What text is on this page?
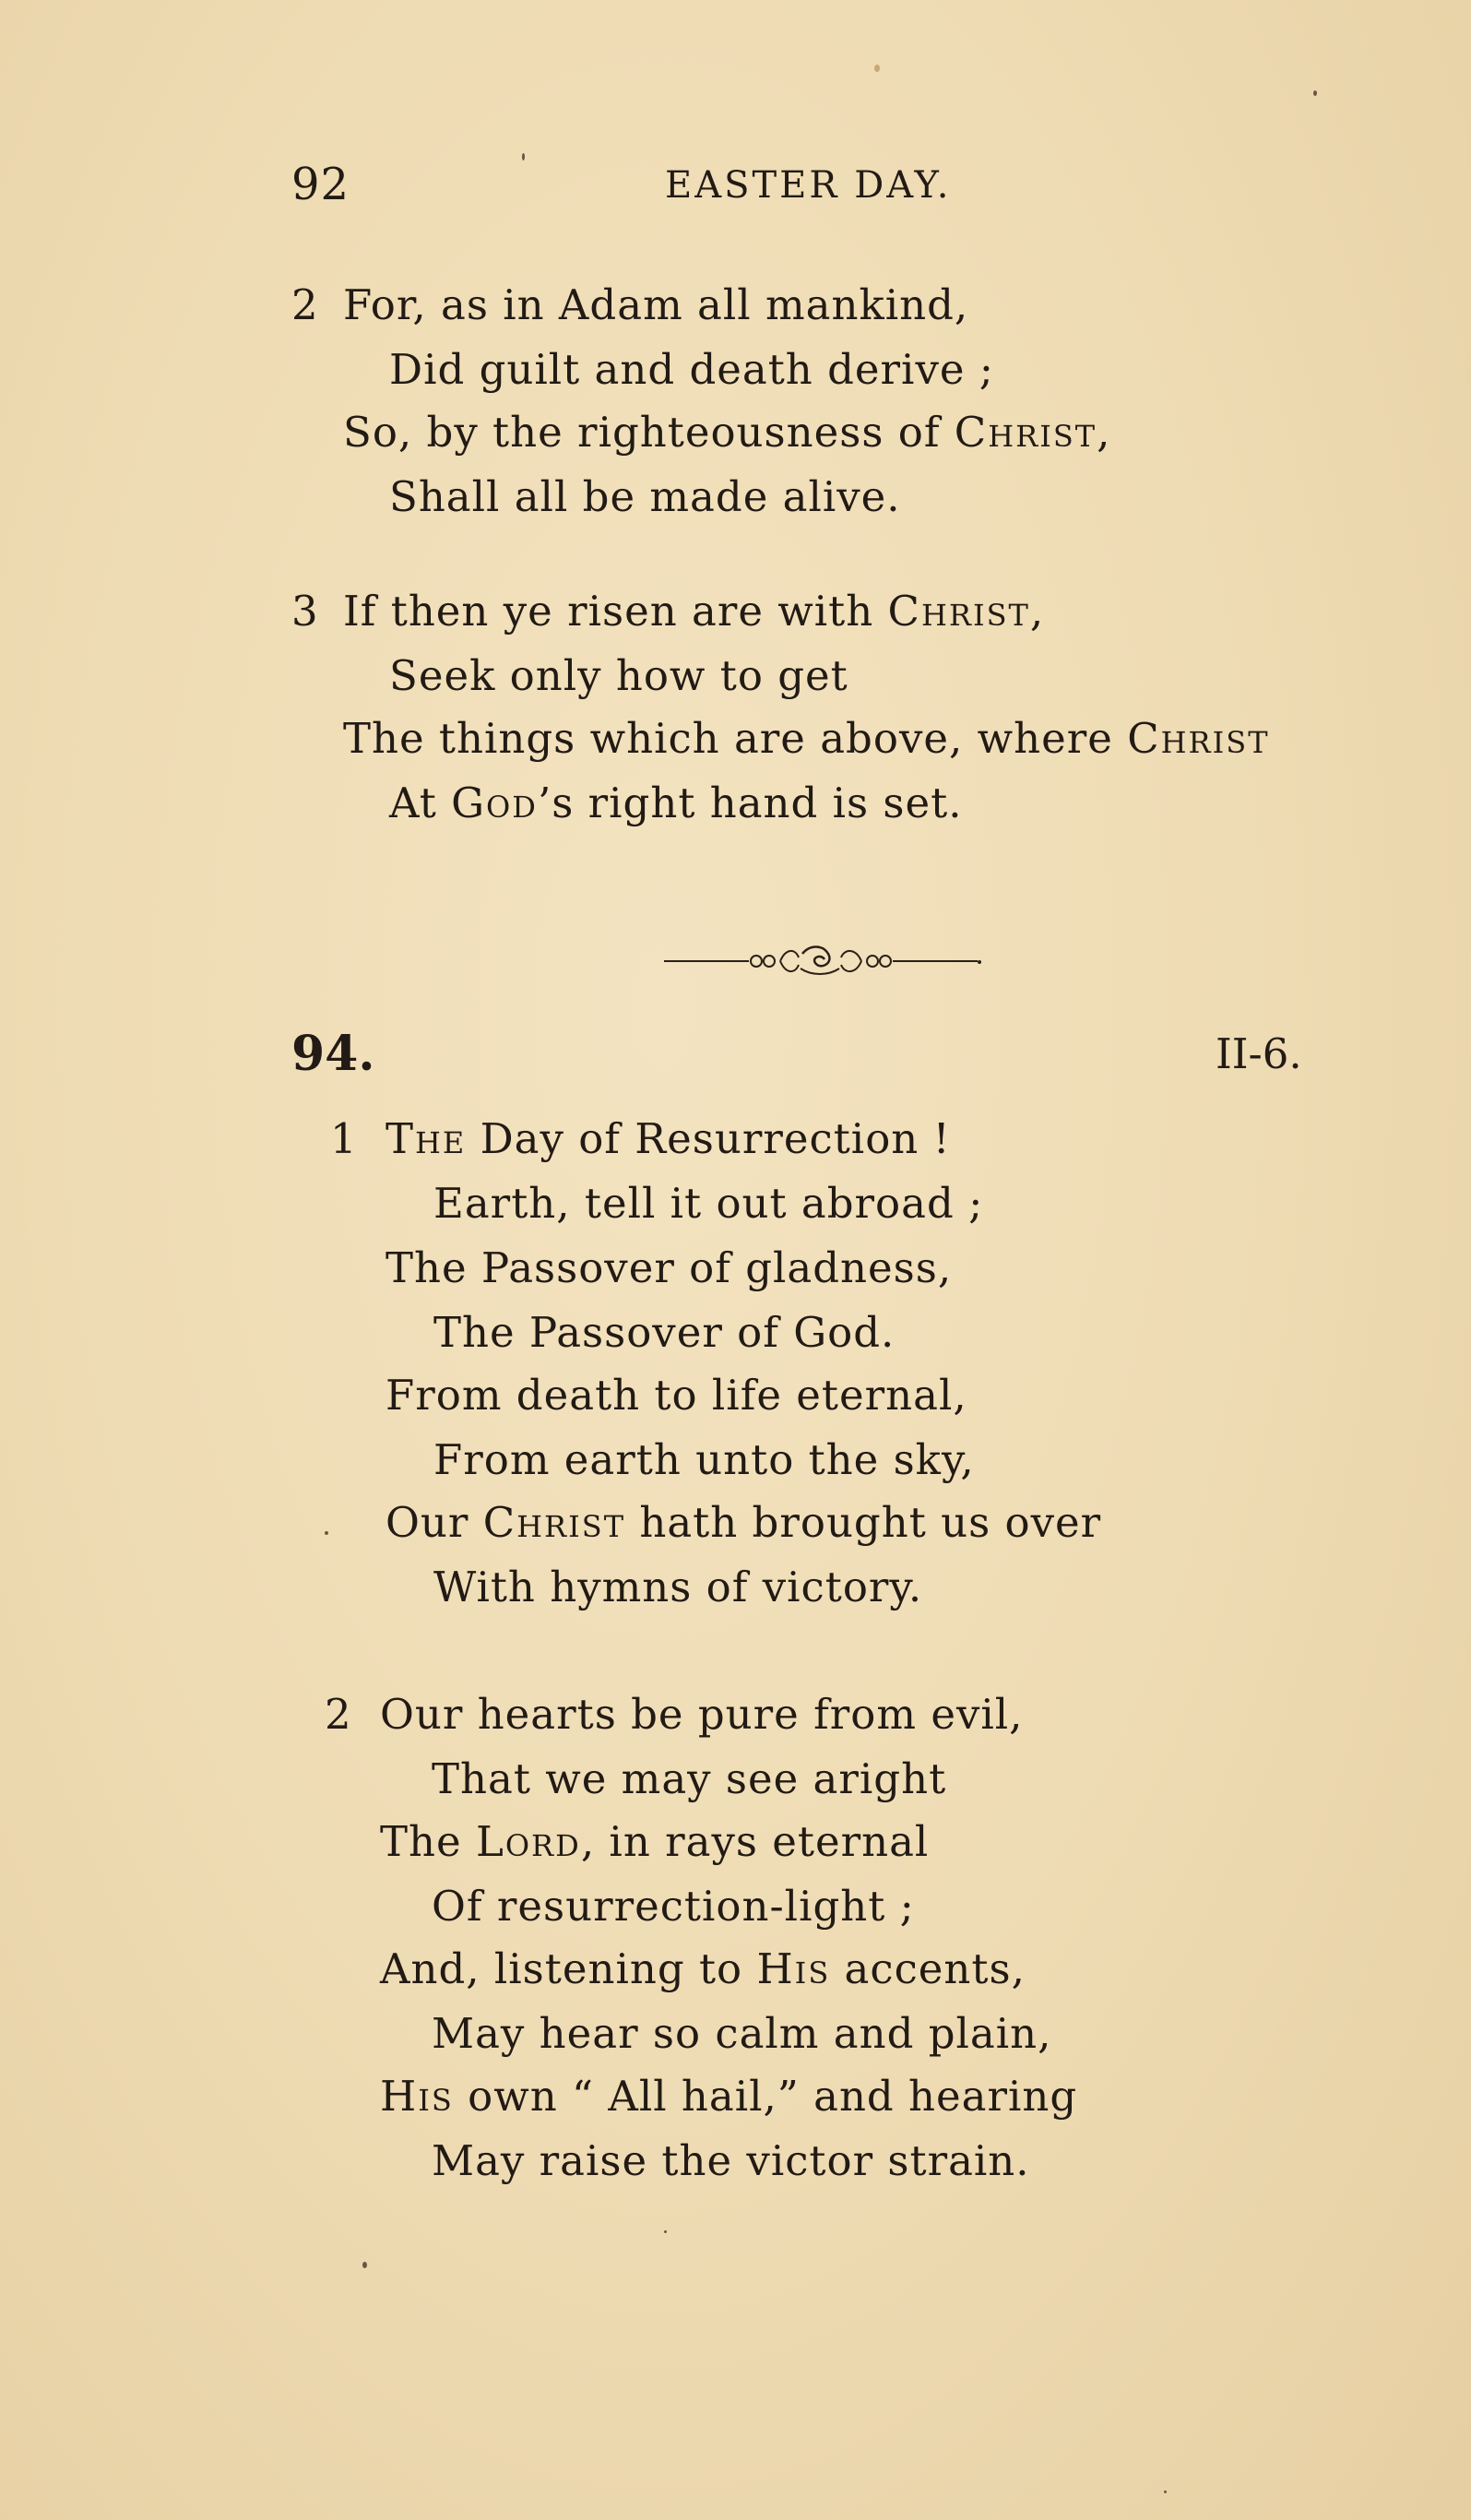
92	EASTER DAY.
2 For, as in Adam all mankind,
Did guilt and death derive ;
So, by the righteousness of Christ,
Shall all be made alive.
3 If then ye risen are with Christ,
Seek only how to get
The things which are above, where Christ
At God’s right hand is set.
94.	II-6.
1 The Day of Resurrection !
Earth, tell it out abroad ;
The Passover of gladness,
The Passover of God.
From death to life eternal,
From earth unto the sky,
Our Christ hath brought us over
With hymns of victory.
2 Our hearts be pure from evil,
That we may see aright
The Lord, in rays eternal
Of resurrection-light ;
And, listening to His accents,
May hear so calm and plain,
His own “ All hail,” and hearing
May raise the victor strain.
